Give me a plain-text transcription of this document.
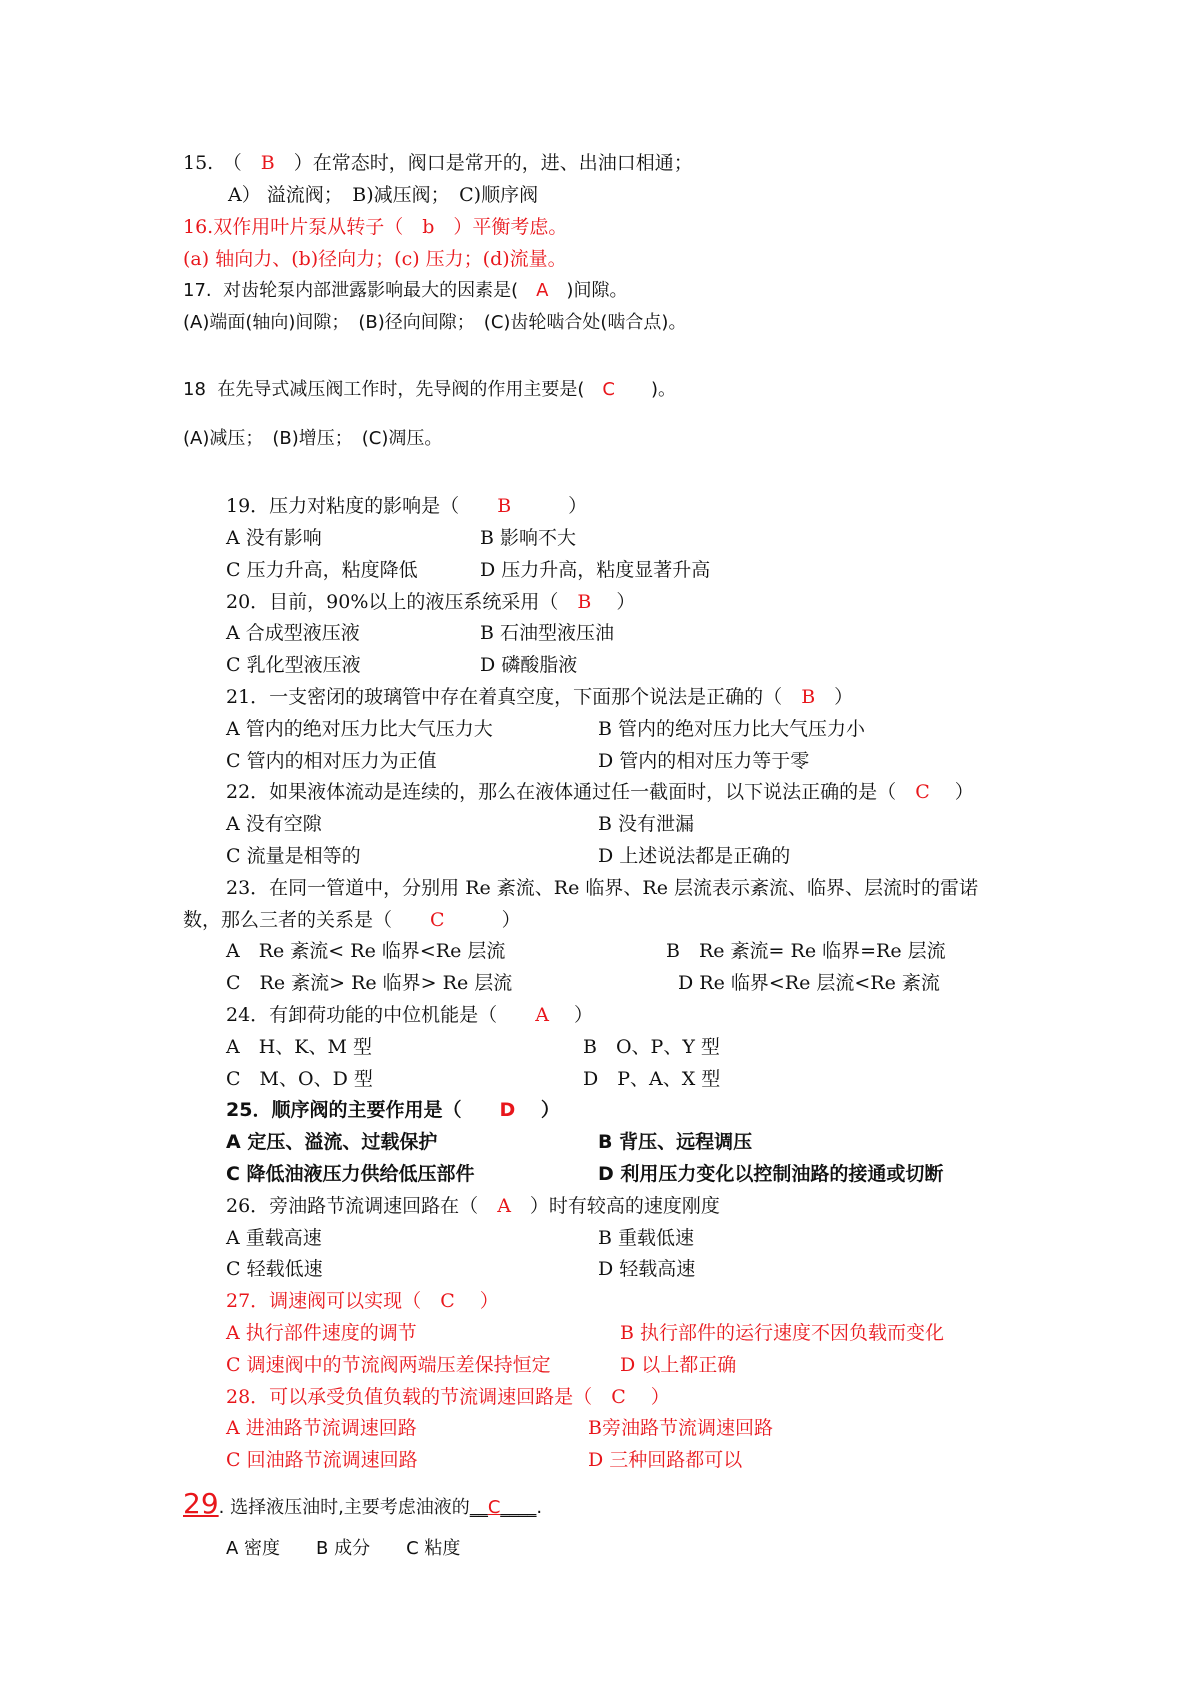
15.　（　B　）在常态时，阀口是常开的，进、出油口相通；
A） 溢流阀；　B)减压阀；　C)顺序阀
16.双作用叶片泵从转子（　b　）平衡考虑。
(a) 轴向力、(b)径向力；(c) 压力；(d)流量。
17.  对齿轮泵内部泄露影响最大的因素是(　A　)间隙。
(A)端面(轴向)间隙；　(B)径向间隙；　(C)齿轮啮合处(啮合点)。
18  在先导式减压阀工作时，先导阀的作用主要是(　C　　)。
(A)减压；　(B)增压；　(C)凋压。
19．压力对粘度的影响是（　　B　　　）
A 没有影响	B 影响不大
C 压力升高，粘度降低	D 压力升高，粘度显著升高
20．目前，90%以上的液压系统采用（　B　 ）
A 合成型液压液	B 石油型液压油
C 乳化型液压液	D 磷酸脂液
21．一支密闭的玻璃管中存在着真空度，下面那个说法是正确的（　B　）
A 管内的绝对压力比大气压力大	B 管内的绝对压力比大气压力小
C 管内的相对压力为正值	D 管内的相对压力等于零
22．如果液体流动是连续的，那么在液体通过任一截面时，以下说法正确的是（　C　 ）
A 没有空隙	B 没有泄漏
C 流量是相等的	D 上述说法都是正确的
23．在同一管道中，分别用 Re 紊流、Re 临界、Re 层流表示紊流、临界、层流时的雷诺
数，那么三者的关系是（　　C　　　）
A　Re 紊流< Re 临界<Re 层流	B　Re 紊流= Re 临界=Re 层流
C　Re 紊流> Re 临界> Re 层流	D Re 临界<Re 层流<Re 紊流
24．有卸荷功能的中位机能是（　　A　 ）
A　H、K、M 型	B　O、P、Y 型
C　M、O、D 型	D　P、A、X 型
25．顺序阀的主要作用是（　　D　 ）
A 定压、溢流、过载保护	B 背压、远程调压
C 降低油液压力供给低压部件	D 利用压力变化以控制油路的接通或切断
26．旁油路节流调速回路在（　A　）时有较高的速度刚度
A 重载高速	B 重载低速
C 轻载低速	D 轻载高速
27．调速阀可以实现（　C　 ）
A 执行部件速度的调节	B 执行部件的运行速度不因负载而变化
C 调速阀中的节流阀两端压差保持恒定	D 以上都正确
28．可以承受负值负载的节流调速回路是（　C　 ）
A 进油路节流调速回路	B旁油路节流调速回路
C 回油路节流调速回路	D 三种回路都可以
29. 选择液压油时,主要考虑油液的__C____.
A 密度　　B 成分　　C 粘度
